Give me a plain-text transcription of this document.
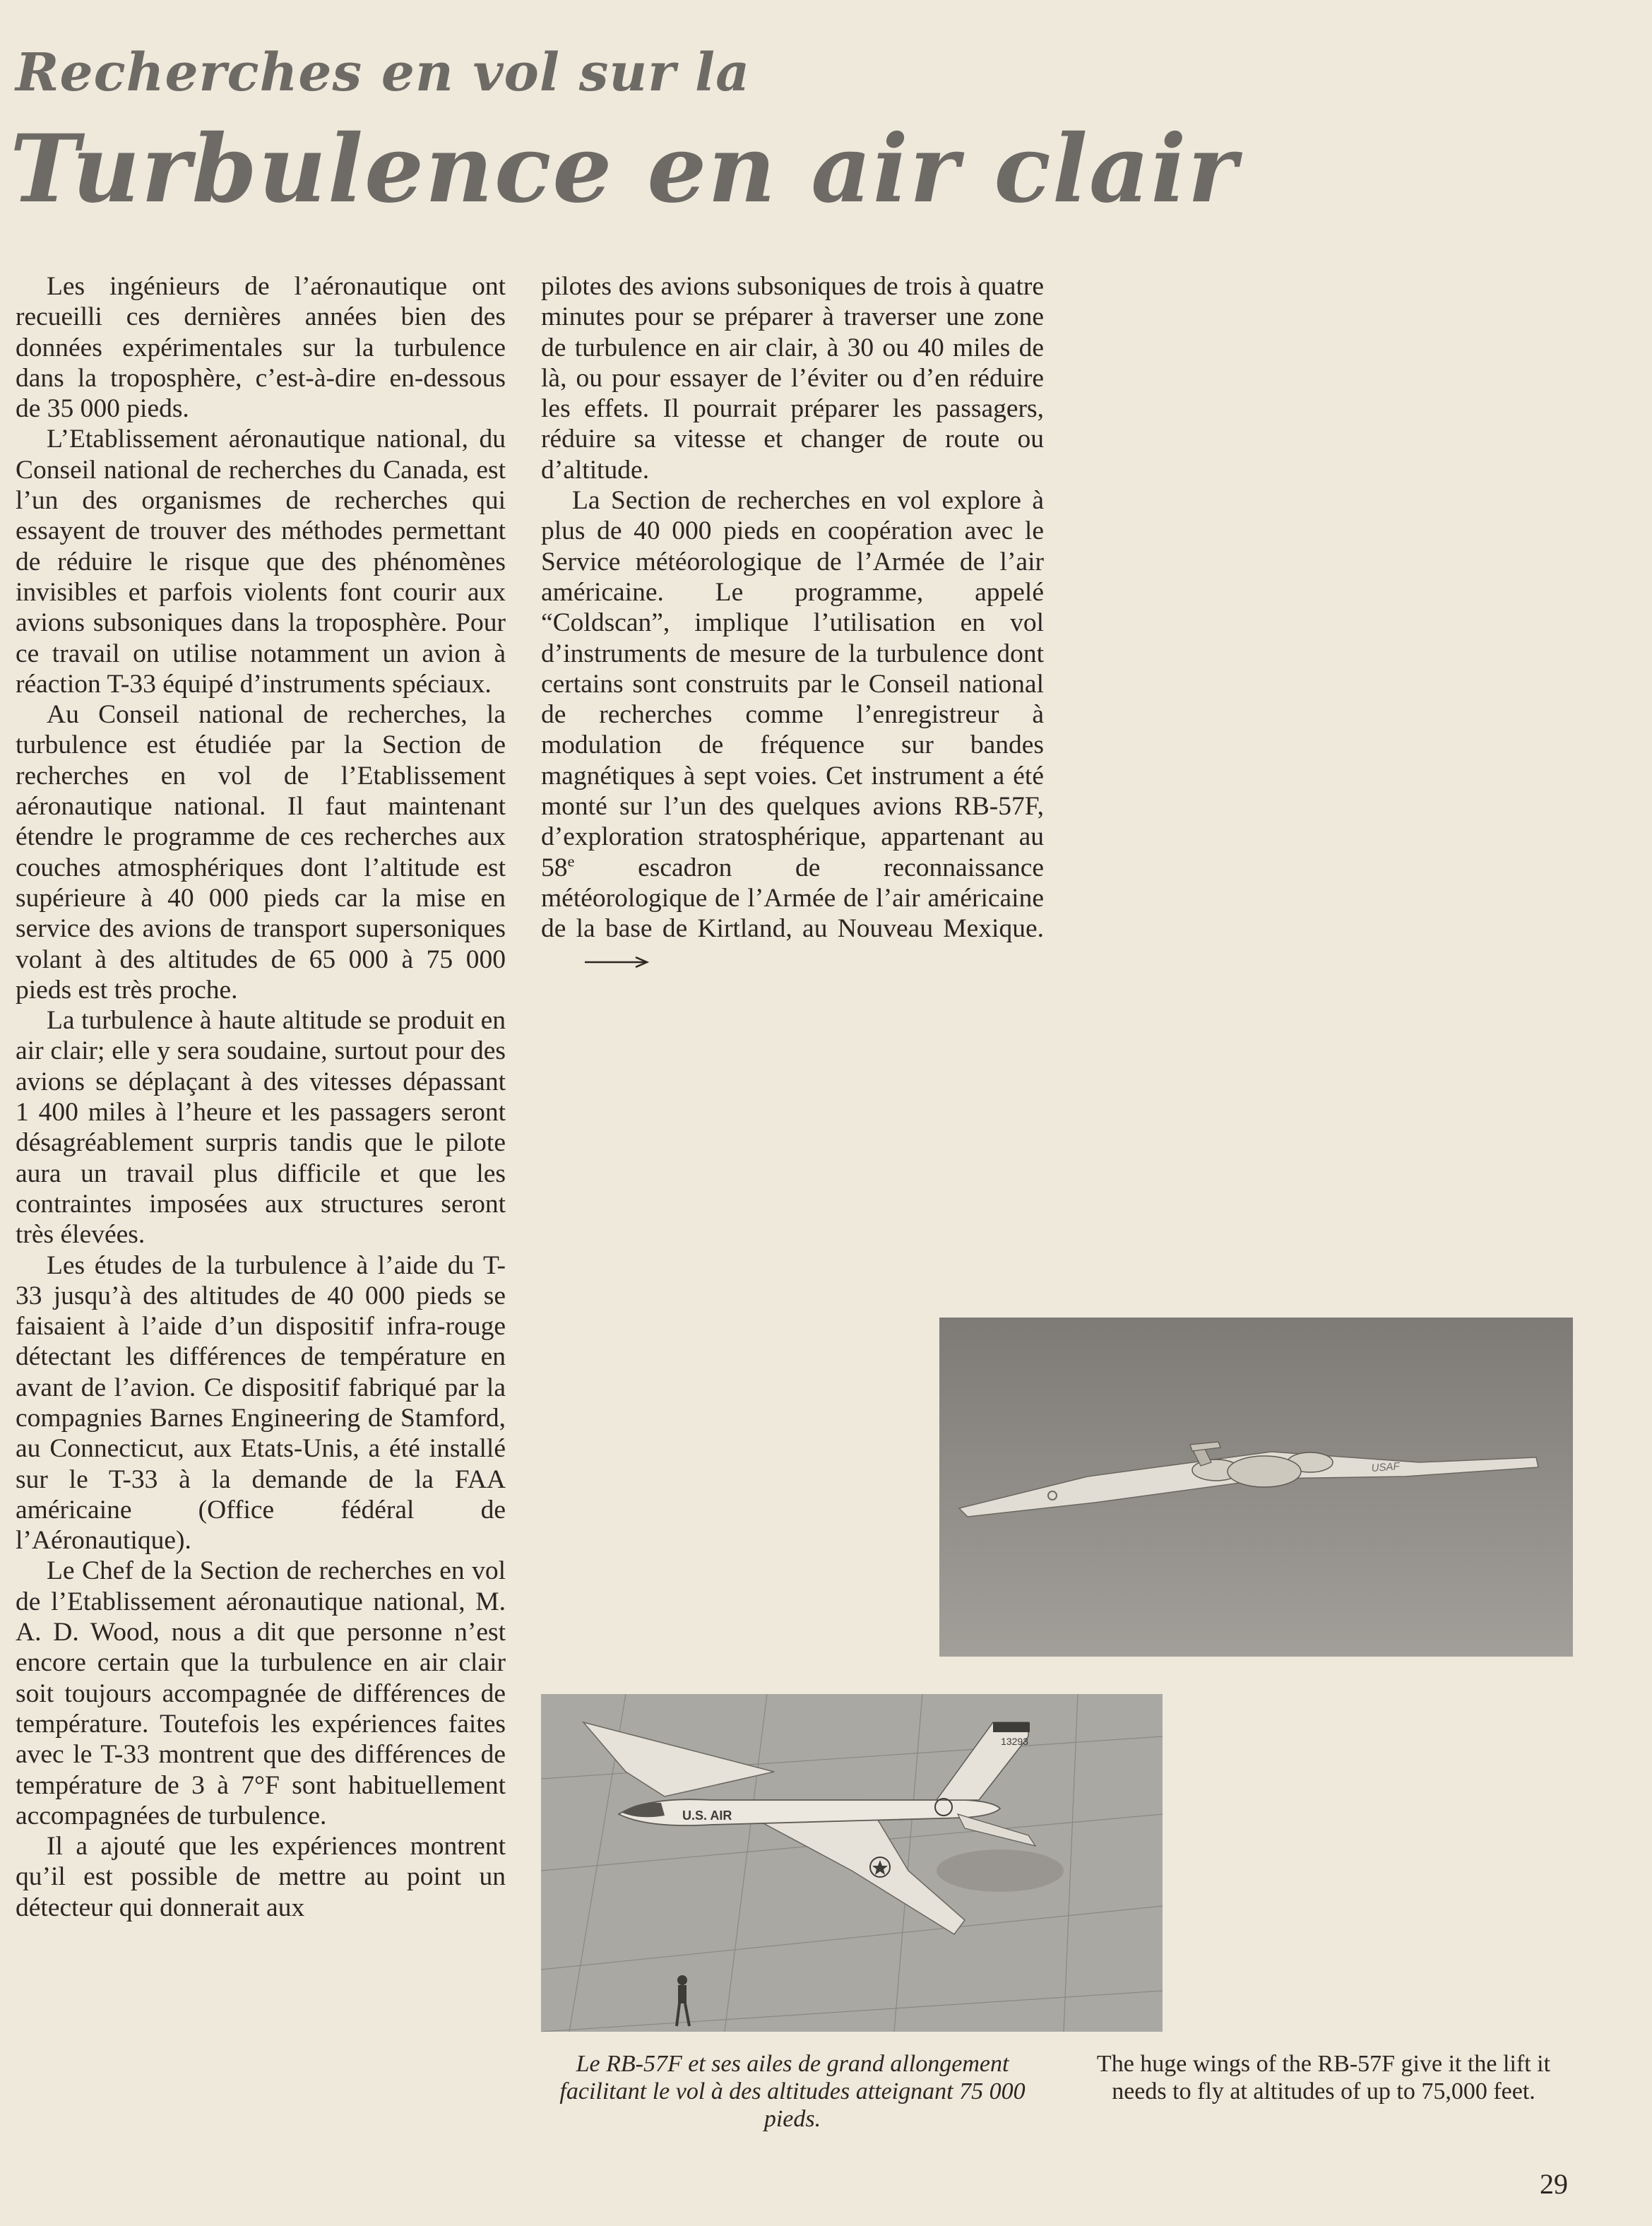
Recherches en vol sur la
Turbulence en air clair

Les ingénieurs de l’aéronautique ont recueilli ces dernières années bien des données expérimentales sur la turbulence dans la troposphère, c’est-à-dire en-dessous de 35 000 pieds.

L’Etablissement aéronautique national, du Conseil national de recherches du Canada, est l’un des organismes de recherches qui essayent de trouver des méthodes permettant de réduire le risque que des phénomènes invisibles et parfois violents font courir aux avions subsoniques dans la troposphère. Pour ce travail on utilise notamment un avion à réaction T-33 équipé d’instruments spéciaux.

Au Conseil national de recherches, la turbulence est étudiée par la Section de recherches en vol de l’Etablissement aéronautique national. Il faut maintenant étendre le programme de ces recherches aux couches atmosphériques dont l’altitude est supérieure à 40 000 pieds car la mise en service des avions de transport supersoniques volant à des altitudes de 65 000 à 75 000 pieds est très proche.

La turbulence à haute altitude se produit en air clair; elle y sera soudaine, surtout pour des avions se déplaçant à des vitesses dépassant 1 400 miles à l’heure et les passagers seront désagréablement surpris tandis que le pilote aura un travail plus difficile et que les contraintes imposées aux structures seront très élevées.

Les études de la turbulence à l’aide du T-33 jusqu’à des altitudes de 40 000 pieds se faisaient à l’aide d’un dispositif infra-rouge détectant les différences de température en avant de l’avion. Ce dispositif fabriqué par la compagnies Barnes Engineering de Stamford, au Connecticut, aux Etats-Unis, a été installé sur le T-33 à la demande de la FAA américaine (Office fédéral de l’Aéronautique).

Le Chef de la Section de recherches en vol de l’Etablissement aéronautique national, M. A. D. Wood, nous a dit que personne n’est encore certain que la turbulence en air clair soit toujours accompagnée de différences de température. Toutefois les expériences faites avec le T-33 montrent que des différences de température de 3 à 7°F sont habituellement accompagnées de turbulence.

Il a ajouté que les expériences montrent qu’il est possible de mettre au point un détecteur qui donnerait aux

pilotes des avions subsoniques de trois à quatre minutes pour se préparer à traverser une zone de turbulence en air clair, à 30 ou 40 miles de là, ou pour essayer de l’éviter ou d’en réduire les effets. Il pourrait préparer les passagers, réduire sa vitesse et changer de route ou d’altitude.

La Section de recherches en vol explore à plus de 40 000 pieds en coopération avec le Service météorologique de l’Armée de l’air américaine. Le programme, appelé “Coldscan”, implique l’utilisation en vol d’instruments de mesure de la turbulence dont certains sont construits par le Conseil national de recherches comme l’enregistreur à modulation de fréquence sur bandes magnétiques à sept voies. Cet instrument a été monté sur l’un des quelques avions RB-57F, d’exploration stratosphérique, appartenant au 58e escadron de reconnaissance météorologique de l’Armée de l’air américaine de la base de Kirtland, au Nouveau Mexique.

USAF
13293
U.S. AIR
Le RB-57F et ses ailes de grand allongement facilitant le vol à des altitudes atteignant 75 000 pieds.
The huge wings of the RB-57F give it the lift it needs to fly at altitudes of up to 75,000 feet.
29
